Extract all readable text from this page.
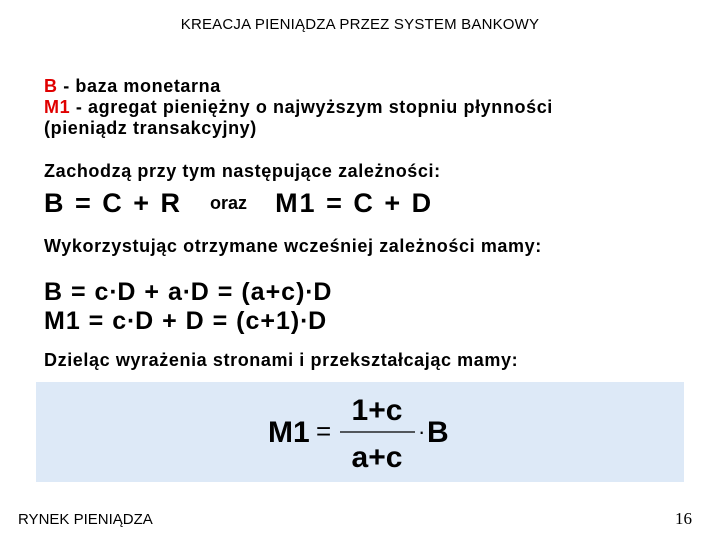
KREACJA PIENIĄDZA PRZEZ SYSTEM BANKOWY
B - baza monetarna
M1 - agregat pieniężny o najwyższym stopniu płynności
(pieniądz transakcyjny)
Zachodzą przy tym następujące zależności:
B = C + R oraz M1 = C + D
Wykorzystując otrzymane wcześniej zależności mamy:
B = c∙D + a∙D = (a+c)∙D
M1 = c∙D + D = (c+1)∙D
Dzieląc wyrażenia stronami i przekształcając mamy:
M1 =
1+c
a+c
· B
RYNEK PIENIĄDZA	16
